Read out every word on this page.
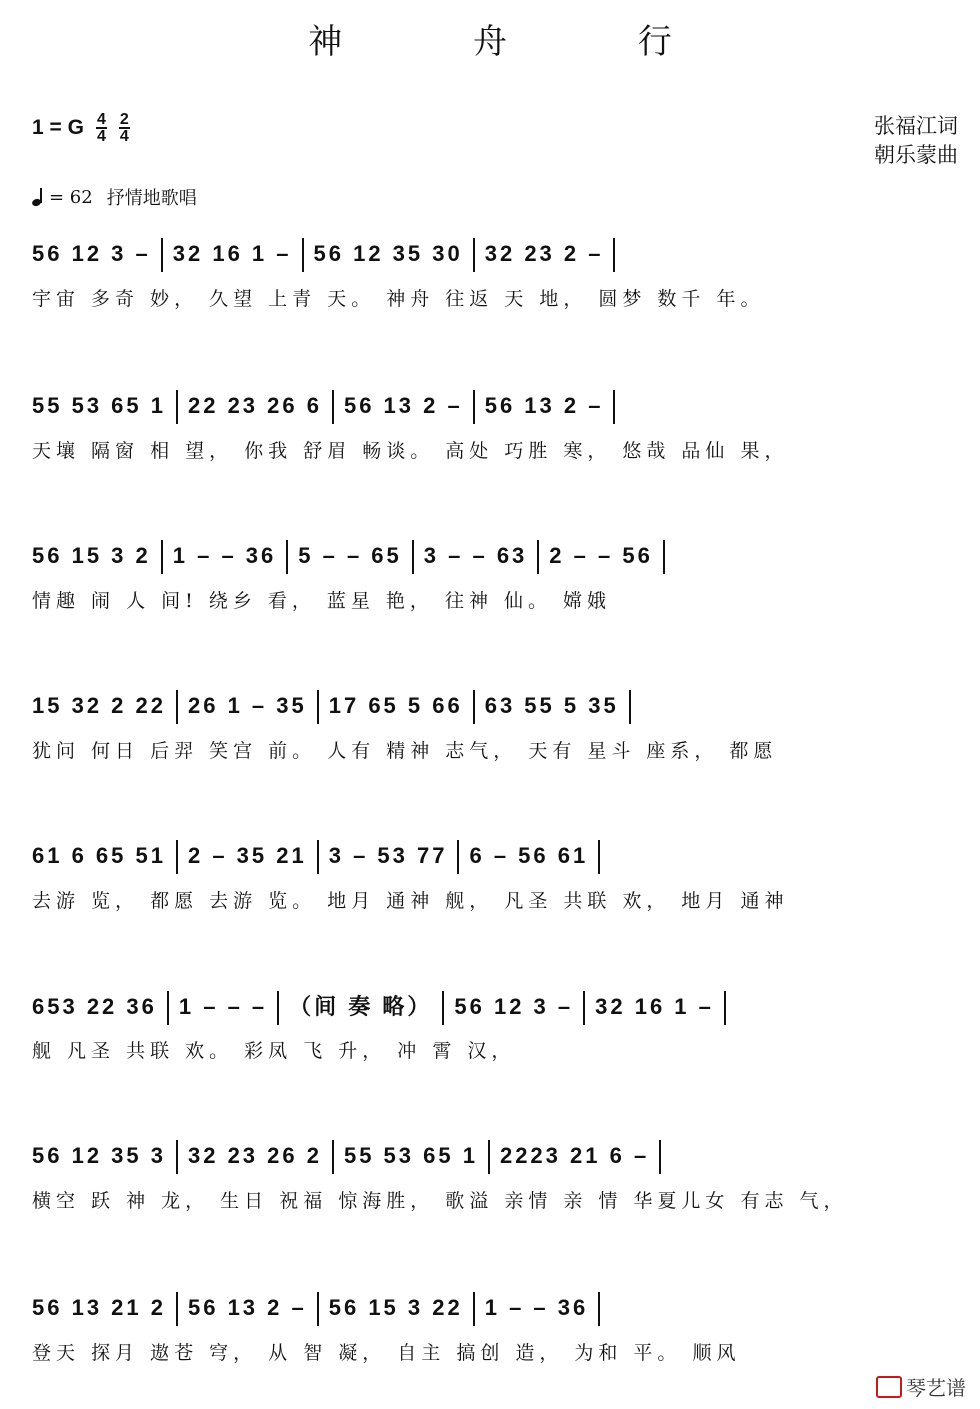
神 舟 行
1 = G $\frac{4}{4} \frac{2}{4}$	张福江词
朝乐蒙曲
= 62 抒情地歌唱
56 12 3 – 32 16 1 – 56 12 35 30 32 23 2 –
宇宙 多奇 妙， 久望 上青 天。 神舟 往返 天 地， 圆梦 数千 年。
55 53 65 1 22 23 26 6 56 13 2 – 56 13 2 –
天壤 隔窗 相 望， 你我 舒眉 畅谈。 高处 巧胜 寒， 悠哉 品仙 果，
56 15 3 2 1 – – 36 5 – – 65 3 – – 63 2 – – 56
情趣 闹 人 间! 绕乡 看， 蓝星 艳， 往神 仙。 嫦娥
15 32 2 22 26 1 – 35 17 65 5 66 63 55 5 35
犹问 何日 后羿 笑宫 前。 人有 精神 志气， 天有 星斗 座系， 都愿
61 6 65 51 2 – 35 21 3 – 53 77 6 – 56 61
去游 览， 都愿 去游 览。 地月 通神 舰， 凡圣 共联 欢， 地月 通神
653 22 36 1 – – – （间 奏 略） 56 12 3 – 32 16 1 –
舰 凡圣 共联 欢。 彩凤 飞 升， 冲 霄 汉，
56 12 35 3 32 23 26 2 55 53 65 1 2223 21 6 –
横空 跃 神 龙， 生日 祝福 惊海胜， 歌溢 亲情 亲 情 华夏儿女 有志 气，
56 13 21 2 56 13 2 – 56 15 3 22 1 – – 36
登天 探月 遨苍 穹， 从 智 凝， 自主 搞创 造， 为和 平。 顺风
琴艺谱
